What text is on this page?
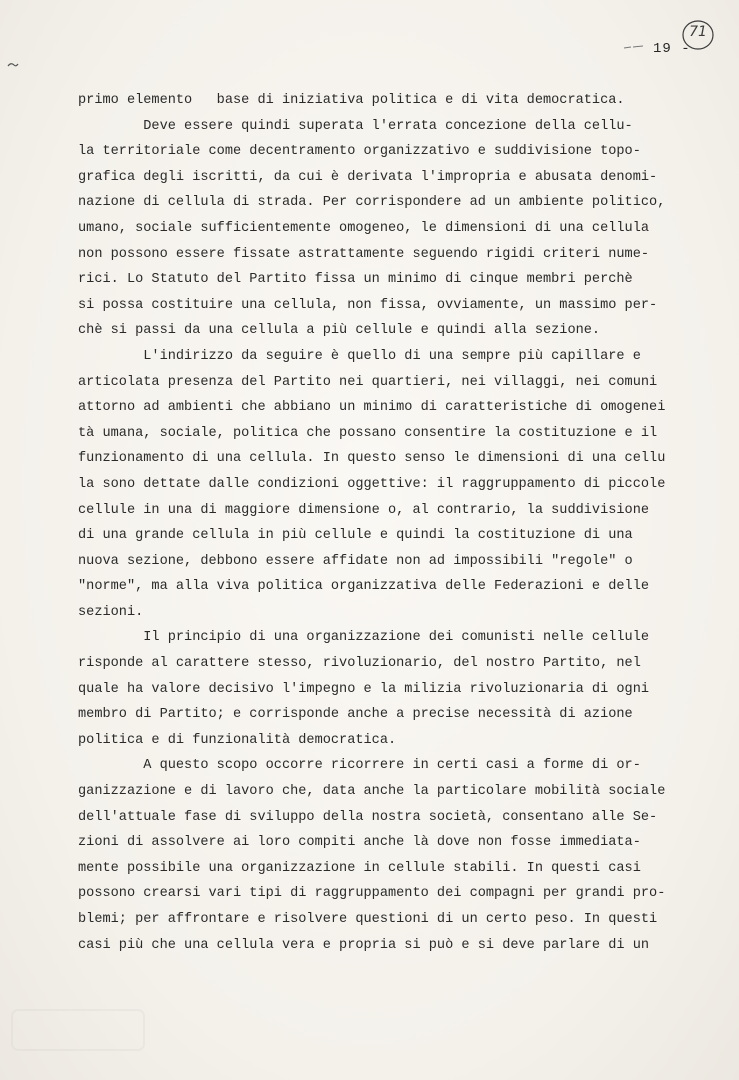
71
19 -
primo elemento   base di iniziativa politica e di vita democratica.
Deve essere quindi superata l'errata concezione della cellu-
la territoriale come decentramento organizzativo e suddivisione topo-
grafica degli iscritti, da cui è derivata l'impropria e abusata denomi-
nazione di cellula di strada. Per corrispondere ad un ambiente politico,
umano, sociale sufficientemente omogeneo, le dimensioni di una cellula
non possono essere fissate astrattamente seguendo rigidi criteri nume-
rici. Lo Statuto del Partito fissa un minimo di cinque membri perchè
si possa costituire una cellula, non fissa, ovviamente, un massimo per-
chè si passi da una cellula a più cellule e quindi alla sezione.
L'indirizzo da seguire è quello di una sempre più capillare e
articolata presenza del Partito nei quartieri, nei villaggi, nei comuni
attorno ad ambienti che abbiano un minimo di caratteristiche di omogenei
tà umana, sociale, politica che possano consentire la costituzione e il
funzionamento di una cellula. In questo senso le dimensioni di una cellu
la sono dettate dalle condizioni oggettive: il raggruppamento di piccole
cellule in una di maggiore dimensione o, al contrario, la suddivisione
di una grande cellula in più cellule e quindi la costituzione di una
nuova sezione, debbono essere affidate non ad impossibili "regole" o
"norme", ma alla viva politica organizzativa delle Federazioni e delle
sezioni.
Il principio di una organizzazione dei comunisti nelle cellule
risponde al carattere stesso, rivoluzionario, del nostro Partito, nel
quale ha valore decisivo l'impegno e la milizia rivoluzionaria di ogni
membro di Partito; e corrisponde anche a precise necessità di azione
politica e di funzionalità democratica.
A questo scopo occorre ricorrere in certi casi a forme di or-
ganizzazione e di lavoro che, data anche la particolare mobilità sociale
dell'attuale fase di sviluppo della nostra società, consentano alle Se-
zioni di assolvere ai loro compiti anche là dove non fosse immediata-
mente possibile una organizzazione in cellule stabili. In questi casi
possono crearsi vari tipi di raggruppamento dei compagni per grandi pro-
blemi; per affrontare e risolvere questioni di un certo peso. In questi
casi più che una cellula vera e propria si può e si deve parlare di un
